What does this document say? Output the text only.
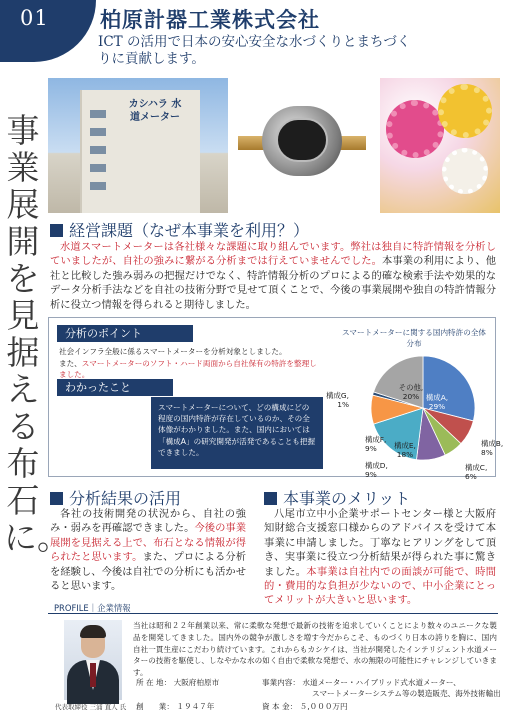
01 柏原計器工業株式会社
ICT の活用で日本の安心安全な水づくりとまちづくりに貢献します。
事業展開を見据える布石に。
カシハラ 水道メーター
経営課題（なぜ本事業を利用？）
水道スマートメーターは各社様々な課題に取り組んでいます。弊社は独自に特許情報を分析していましたが、自社の強みに繋がる分析までは行えていませんでした。本事業の利用により、他社と比較した強み弱みの把握だけでなく、特許情報分析のプロによる的確な検索手法や効果的なデータ分析手法などを自社の技術分野で見せて頂くことで、今後の事業展開や独自の特許情報分析に役立つ情報を得られると期待しました。
分析のポイント
社会インフラ全般に係るスマートメーターを分析対象としました。
また、スマートメーターのソフト・ハード両面から自社保有の特許を整理しました。
わかったこと
スマートメーターについて、どの構成にどの程度の国内特許が存在しているのか、その全体像がわかりました。また、国内においては「構成A」の研究開発が活発であることも把握できました。
スマートメーターに関する国内特許の全体分布
構成A, 29%
構成B, 8%
構成C, 6%
構成D, 9%
構成E, 18%
構成F, 9%
構成G, 1%
その他, 20%
分析結果の活用
各社の技術開発の状況から、自社の強み・弱みを再確認できました。今後の事業展開を見据える上で、布石となる情報が得られたと思います。また、プロによる分析を経験し、今後は自社での分析にも活かせると思います。
本事業のメリット
八尾市立中小企業サポートセンター様と大阪府知財総合支援窓口様からのアドバイスを受けて本事業に申請しました。丁寧なヒアリングをして頂き、実事業に役立つ分析結果が得られた事に驚きました。本事業は自社内での面談が可能で、時間的・費用的な負担が少ないので、中小企業にとってメリットが大きいと思います。
PROFILE｜企業情報
代表取締役 三浦 直人 氏
当社は昭和２２年創業以来、常に柔軟な発想で最新の技術を追求していくことにより数々のユニークな製品を開発してきました。国内外の競争が激しさを増す今だからこそ、ものづくり日本の誇りを胸に、国内自社一貫生産にこだわり続けています。これからもカシケイは、当社が開発したインテリジェント水道メーターの技術を駆使し、しなやかな水の如く自由で柔軟な発想で、水の無限の可能性にチャレンジしていきます。
所 在 地： 大阪府柏原市	事業内容： 水道メーター・ハイブリッド式水道メーター、
スマートメーターシステム等の製造販売、海外技術輸出
創　　業： １９４７年	資 本 金： ５,０００万円
